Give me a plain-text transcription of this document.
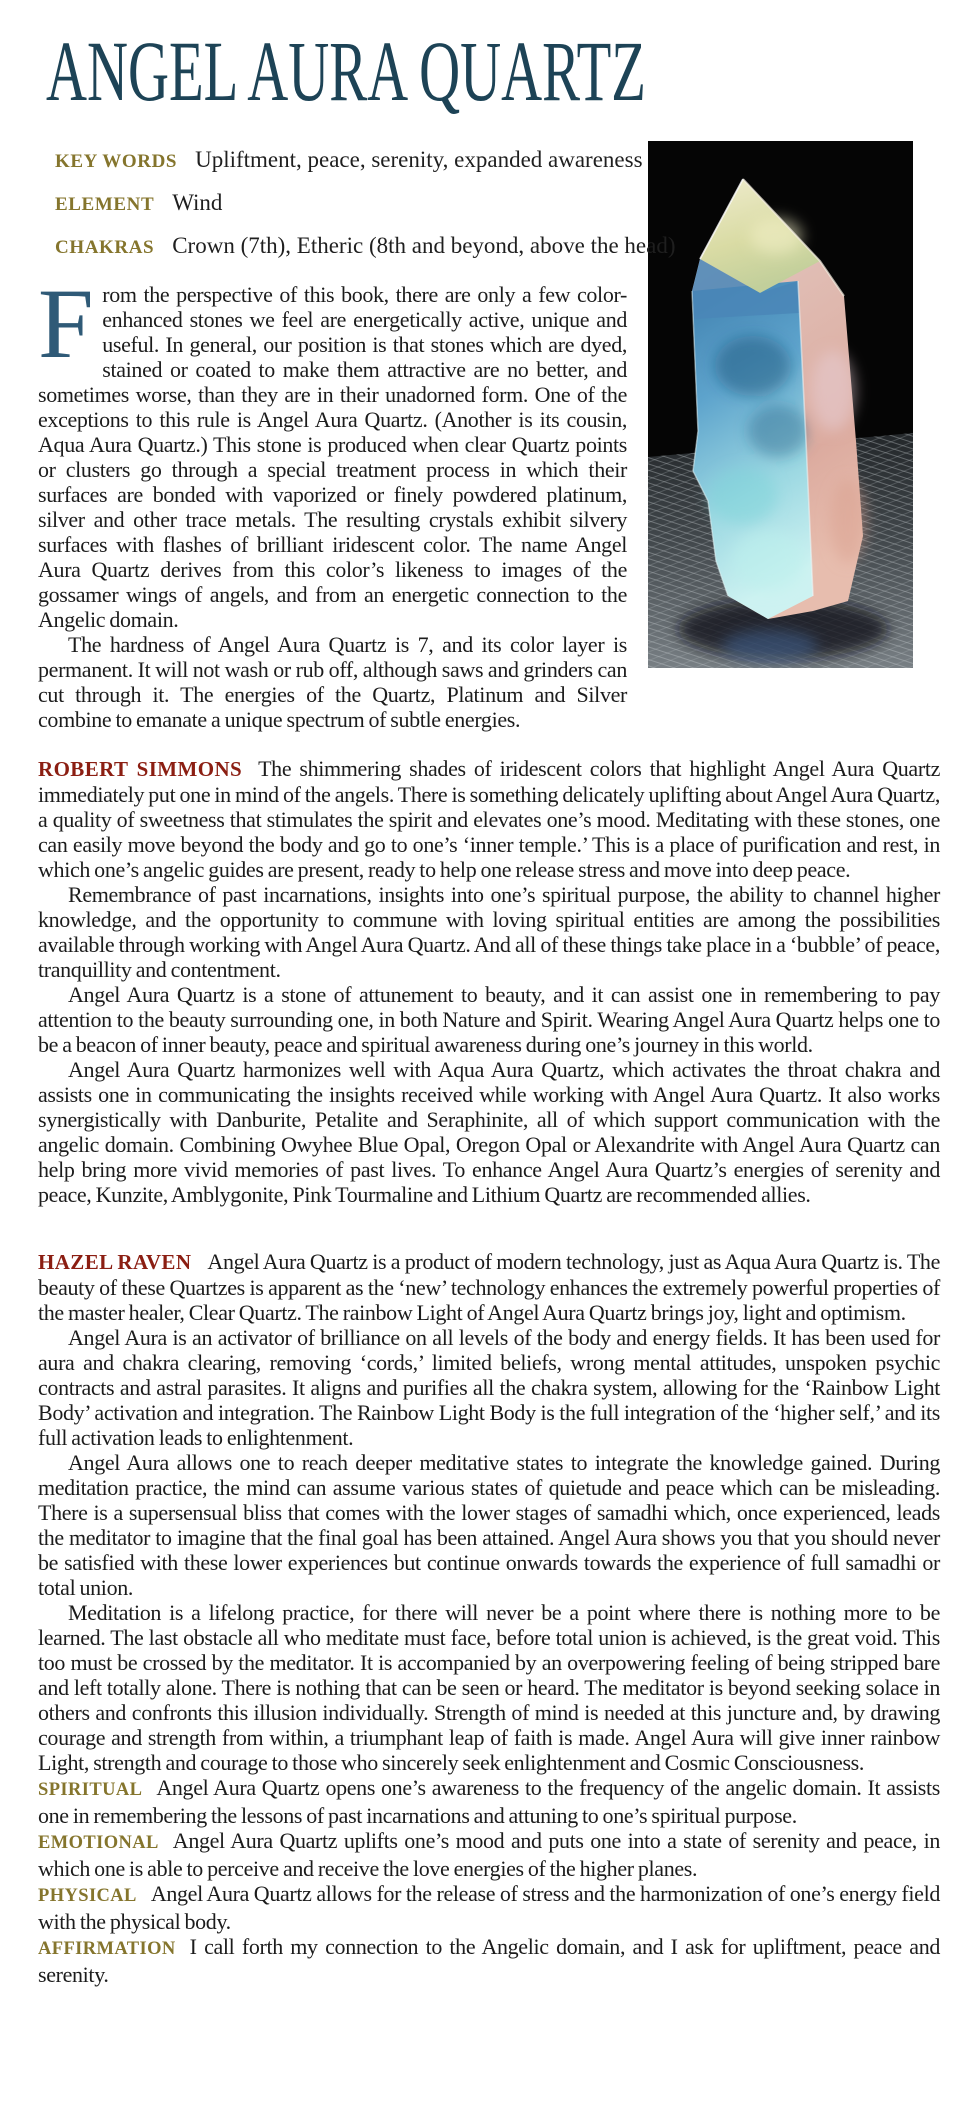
ANGEL AURA QUARTZ
KEY WORDS Upliftment, peace, serenity, expanded awareness
ELEMENT Wind
CHAKRAS Crown (7th), Etheric (8th and beyond, above the head)

From the perspective of this book, there are only a few color-enhanced stones we feel are energetically active, unique and useful. In general, our position is that stones which are dyed, stained or coated to make them attractive are no better, and sometimes worse, than they are in their unadorned form. One of the exceptions to this rule is Angel Aura Quartz. (Another is its cousin, Aqua Aura Quartz.) This stone is produced when clear Quartz points or clusters go through a special treatment process in which their surfaces are bonded with vaporized or finely powdered platinum, silver and other trace metals. The resulting crystals exhibit silvery surfaces with flashes of brilliant iridescent color. The name Angel Aura Quartz derives from this color’s likeness to images of the gossamer wings of angels, and from an energetic connection to the Angelic domain.

The hardness of Angel Aura Quartz is 7, and its color layer is permanent. It will not wash or rub off, although saws and grinders can cut through it. The energies of the Quartz, Platinum and Silver combine to emanate a unique spectrum of subtle energies.

ROBERT SIMMONS The shimmering shades of iridescent colors that highlight Angel Aura Quartz immediately put one in mind of the angels. There is something delicately uplifting about Angel Aura Quartz, a quality of sweetness that stimulates the spirit and elevates one’s mood. Meditating with these stones, one can easily move beyond the body and go to one’s ‘inner temple.’ This is a place of purification and rest, in which one’s angelic guides are present, ready to help one release stress and move into deep peace.

Remembrance of past incarnations, insights into one’s spiritual purpose, the ability to channel higher knowledge, and the opportunity to commune with loving spiritual entities are among the possibilities available through working with Angel Aura Quartz. And all of these things take place in a ‘bubble’ of peace, tranquillity and contentment.

Angel Aura Quartz is a stone of attunement to beauty, and it can assist one in remembering to pay attention to the beauty surrounding one, in both Nature and Spirit. Wearing Angel Aura Quartz helps one to be a beacon of inner beauty, peace and spiritual awareness during one’s journey in this world.

Angel Aura Quartz harmonizes well with Aqua Aura Quartz, which activates the throat chakra and assists one in communicating the insights received while working with Angel Aura Quartz. It also works synergistically with Danburite, Petalite and Seraphinite, all of which support communication with the angelic domain. Combining Owyhee Blue Opal, Oregon Opal or Alexandrite with Angel Aura Quartz can help bring more vivid memories of past lives. To enhance Angel Aura Quartz’s energies of serenity and peace, Kunzite, Amblygonite, Pink Tourmaline and Lithium Quartz are recommended allies.

HAZEL RAVEN Angel Aura Quartz is a product of modern technology, just as Aqua Aura Quartz is. The beauty of these Quartzes is apparent as the ‘new’ technology enhances the extremely powerful properties of the master healer, Clear Quartz. The rainbow Light of Angel Aura Quartz brings joy, light and optimism.

Angel Aura is an activator of brilliance on all levels of the body and energy fields. It has been used for aura and chakra clearing, removing ‘cords,’ limited beliefs, wrong mental attitudes, unspoken psychic contracts and astral parasites. It aligns and purifies all the chakra system, allowing for the ‘Rainbow Light Body’ activation and integration. The Rainbow Light Body is the full integration of the ‘higher self,’ and its full activation leads to enlightenment.

Angel Aura allows one to reach deeper meditative states to integrate the knowledge gained. During meditation practice, the mind can assume various states of quietude and peace which can be misleading. There is a supersensual bliss that comes with the lower stages of samadhi which, once experienced, leads the meditator to imagine that the final goal has been attained. Angel Aura shows you that you should never be satisfied with these lower experiences but continue onwards towards the experience of full samadhi or total union.

Meditation is a lifelong practice, for there will never be a point where there is nothing more to be learned. The last obstacle all who meditate must face, before total union is achieved, is the great void. This too must be crossed by the meditator. It is accompanied by an overpowering feeling of being stripped bare and left totally alone. There is nothing that can be seen or heard. The meditator is beyond seeking solace in others and confronts this illusion individually. Strength of mind is needed at this juncture and, by drawing courage and strength from within, a triumphant leap of faith is made. Angel Aura will give inner rainbow Light, strength and courage to those who sincerely seek enlightenment and Cosmic Consciousness.

SPIRITUAL Angel Aura Quartz opens one’s awareness to the frequency of the angelic domain. It assists one in remembering the lessons of past incarnations and attuning to one’s spiritual purpose.

EMOTIONAL Angel Aura Quartz uplifts one’s mood and puts one into a state of serenity and peace, in which one is able to perceive and receive the love energies of the higher planes.

PHYSICAL Angel Aura Quartz allows for the release of stress and the harmonization of one’s energy field with the physical body.

AFFIRMATION I call forth my connection to the Angelic domain, and I ask for upliftment, peace and serenity.
